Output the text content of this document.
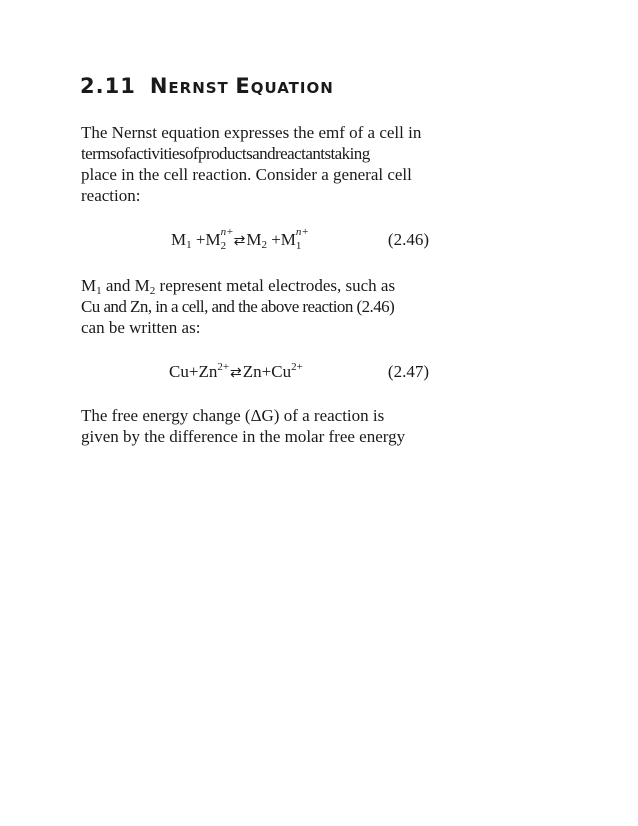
2.11 NERNST EQUATION
The Nernst equation expresses the emf of a cell in
termsofactivitiesofproductsandreactantstaking
place in the cell reaction. Consider a general cell
reaction:
$M_1 +M$ n+
2 $⇄M_2 +M$ n+
1	(2.46)
$M_1$ and $M_2$ represent metal electrodes, such as
Cu and Zn, in a cell, and the above reaction (2.46)
can be written as:
$Cu+Zn^{2+}⇄Zn+Cu^{2+}$	(2.47)
The free energy change (ΔG) of a reaction is
given by the difference in the molar free energy
